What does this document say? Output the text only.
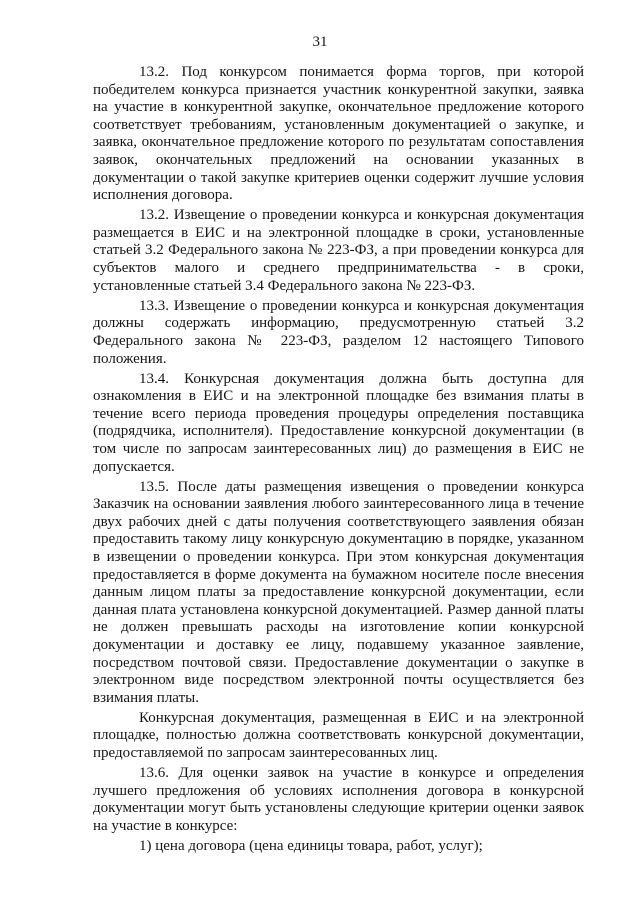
31

13.2. Под конкурсом понимается форма торгов, при которой победителем конкурса признается участник конкурентной закупки, заявка на участие в конкурентной закупке, окончательное предложение которого соответствует требованиям, установленным документацией о закупке, и заявка, окончательное предложение которого по результатам сопоставления заявок, окончательных предложений на основании указанных в документации о такой закупке критериев оценки содержит лучшие условия исполнения договора.

13.2. Извещение о проведении конкурса и конкурсная документация размещается в ЕИС и на электронной площадке в сроки, установленные статьей 3.2 Федерального закона № 223-ФЗ, а при проведении конкурса для субъектов малого и среднего предпринимательства - в сроки, установленные статьей 3.4 Федерального закона № 223-ФЗ.

13.3. Извещение о проведении конкурса и конкурсная документация должны содержать информацию, предусмотренную статьей 3.2 Федерального закона № 223-ФЗ, разделом 12 настоящего Типового положения.

13.4. Конкурсная документация должна быть доступна для ознакомления в ЕИС и на электронной площадке без взимания платы в течение всего периода проведения процедуры определения поставщика (подрядчика, исполнителя). Предоставление конкурсной документации (в том числе по запросам заинтересованных лиц) до размещения в ЕИС не допускается.

13.5. После даты размещения извещения о проведении конкурса Заказчик на основании заявления любого заинтересованного лица в течение двух рабочих дней с даты получения соответствующего заявления обязан предоставить такому лицу конкурсную документацию в порядке, указанном в извещении о проведении конкурса. При этом конкурсная документация предоставляется в форме документа на бумажном носителе после внесения данным лицом платы за предоставление конкурсной документации, если данная плата установлена конкурсной документацией. Размер данной платы не должен превышать расходы на изготовление копии конкурсной документации и доставку ее лицу, подавшему указанное заявление, посредством почтовой связи. Предоставление документации о закупке в электронном виде посредством электронной почты осуществляется без взимания платы.

Конкурсная документация, размещенная в ЕИС и на электронной площадке, полностью должна соответствовать конкурсной документации, предоставляемой по запросам заинтересованных лиц.

13.6. Для оценки заявок на участие в конкурсе и определения лучшего предложения об условиях исполнения договора в конкурсной документации могут быть установлены следующие критерии оценки заявок на участие в конкурсе:

1) цена договора (цена единицы товара, работ, услуг);
